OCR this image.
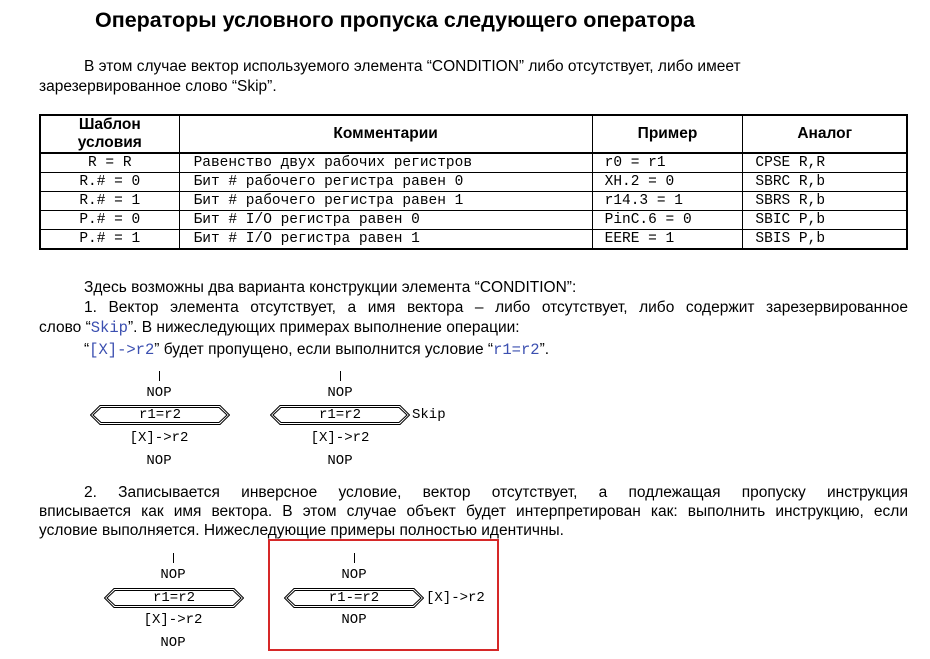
Операторы условного пропуска следующего оператора
В этом случае вектор используемого элемента “CONDITION” либо отсутствует, либо имеет
зарезервированное слово “Skip”.
Шаблон
условия	Комментарии	Пример	Аналог
R = R	Равенство двух рабочих регистров	r0 = r1	CPSE R,R
R.# = 0	Бит # рабочего регистра равен 0	XH.2 = 0	SBRC R,b
R.# = 1	Бит # рабочего регистра равен 1	r14.3 = 1	SBRS R,b
P.# = 0	Бит # I/O регистра равен 0	PinC.6 = 0	SBIC P,b
P.# = 1	Бит # I/O регистра равен 1	EERE = 1	SBIS P,b
Здесь возможны два варианта конструкции элемента “CONDITION”:
1. Вектор элемента отсутствует, а имя вектора – либо отсутствует, либо содержит зарезервированное
слово “Skip”. В нижеследующих примерах выполнение операции:
“[X]->r2” будет пропущено, если выполнится условие “r1=r2”.
NOP
r1=r2
[X]->r2
NOP
NOP
r1=r2	Skip
[X]->r2
NOP
2. Записывается инверсное условие, вектор отсутствует, а подлежащая пропуску инструкция
вписывается как имя вектора. В этом случае объект будет интерпретирован как: выполнить инструкцию, если
условие выполняется. Нижеследующие примеры полностью идентичны.
NOP
r1=r2
[X]->r2
NOP
NOP
r1-=r2	[X]->r2
NOP
